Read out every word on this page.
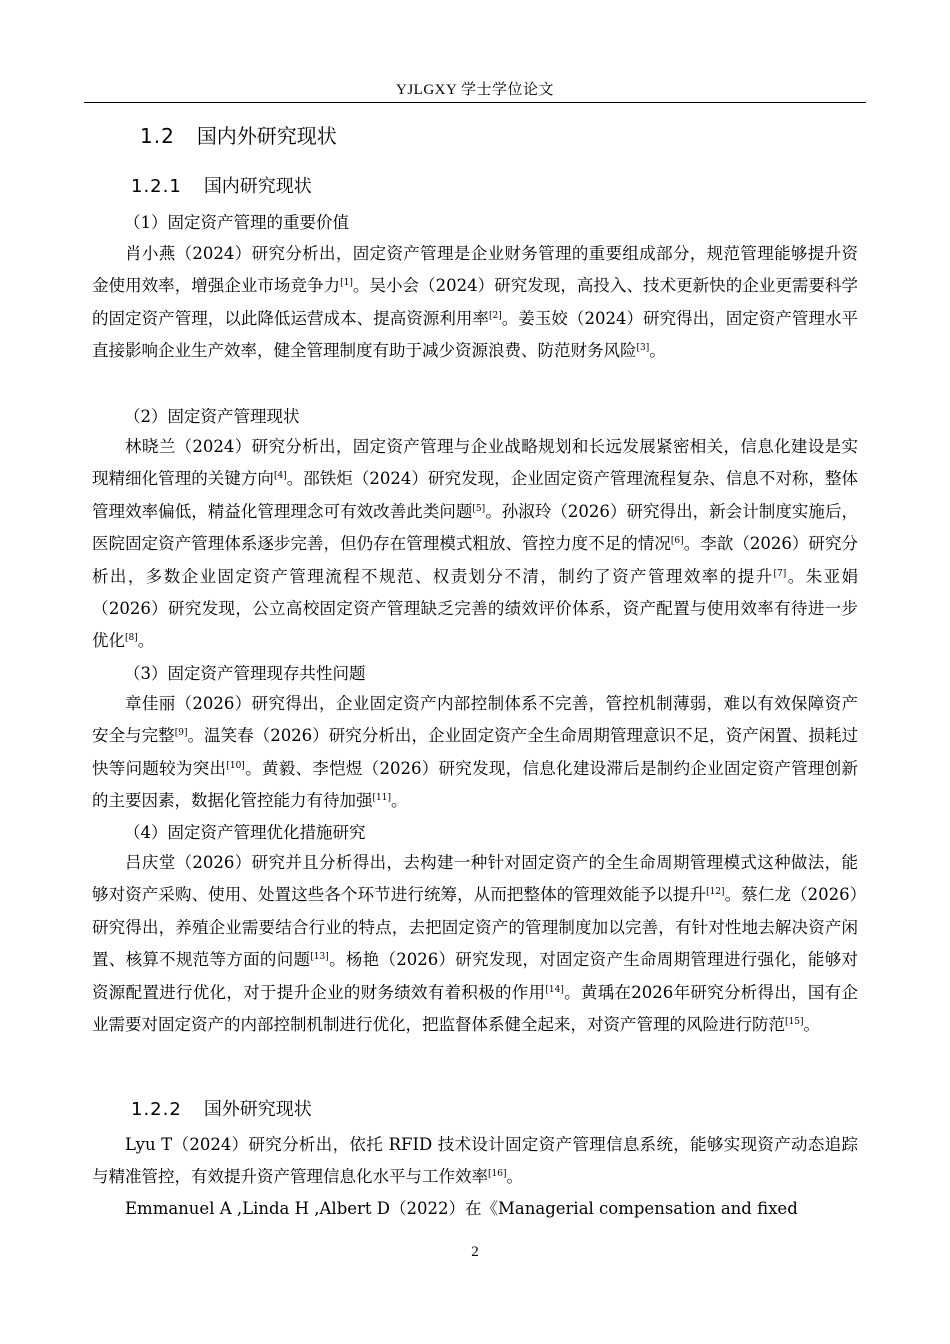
YJLGXY 学士学位论文
1.2 国内外研究现状
1.2.1 国内研究现状
（1）固定资产管理的重要价值

肖小燕（2024）研究分析出，固定资产管理是企业财务管理的重要组成部分，规范管理能够提升资金使用效率，增强企业市场竞争力[1]。吴小会（2024）研究发现，高投入、技术更新快的企业更需要科学的固定资产管理，以此降低运营成本、提高资源利用率[2]。姜玉姣（2024）研究得出，固定资产管理水平直接影响企业生产效率，健全管理制度有助于减少资源浪费、防范财务风险[3]。

（2）固定资产管理现状

林晓兰（2024）研究分析出，固定资产管理与企业战略规划和长远发展紧密相关，信息化建设是实现精细化管理的关键方向[4]。邵铁炬（2024）研究发现，企业固定资产管理流程复杂、信息不对称，整体管理效率偏低，精益化管理理念可有效改善此类问题[5]。孙淑玲（2026）研究得出，新会计制度实施后，医院固定资产管理体系逐步完善，但仍存在管理模式粗放、管控力度不足的情况[6]。李歆（2026）研究分析出，多数企业固定资产管理流程不规范、权责划分不清，制约了资产管理效率的提升[7]。朱亚娟（2026）研究发现，公立高校固定资产管理缺乏完善的绩效评价体系，资产配置与使用效率有待进一步优化[8]。

（3）固定资产管理现存共性问题

章佳丽（2026）研究得出，企业固定资产内部控制体系不完善，管控机制薄弱，难以有效保障资产安全与完整[9]。温笑春（2026）研究分析出，企业固定资产全生命周期管理意识不足，资产闲置、损耗过快等问题较为突出[10]。黄毅、李恺煜（2026）研究发现，信息化建设滞后是制约企业固定资产管理创新的主要因素，数据化管控能力有待加强[11]。

（4）固定资产管理优化措施研究

吕庆堂（2026）研究并且分析得出，去构建一种针对固定资产的全生命周期管理模式这种做法，能够对资产采购、使用、处置这些各个环节进行统筹，从而把整体的管理效能予以提升[12]。蔡仁龙（2026）研究得出，养殖企业需要结合行业的特点，去把固定资产的管理制度加以完善，有针对性地去解决资产闲置、核算不规范等方面的问题[13]。杨艳（2026）研究发现，对固定资产生命周期管理进行强化，能够对资源配置进行优化，对于提升企业的财务绩效有着积极的作用[14]。黄瑀在2026年研究分析得出，国有企业需要对固定资产的内部控制机制进行优化，把监督体系健全起来，对资产管理的风险进行防范[15]。

1.2.2 国外研究现状

Lyu T（2024）研究分析出，依托 RFID 技术设计固定资产管理信息系统，能够实现资产动态追踪与精准管控，有效提升资产管理信息化水平与工作效率[16]。

Emmanuel A ,Linda H ,Albert D（2022）在《Managerial compensation and fixed

2
